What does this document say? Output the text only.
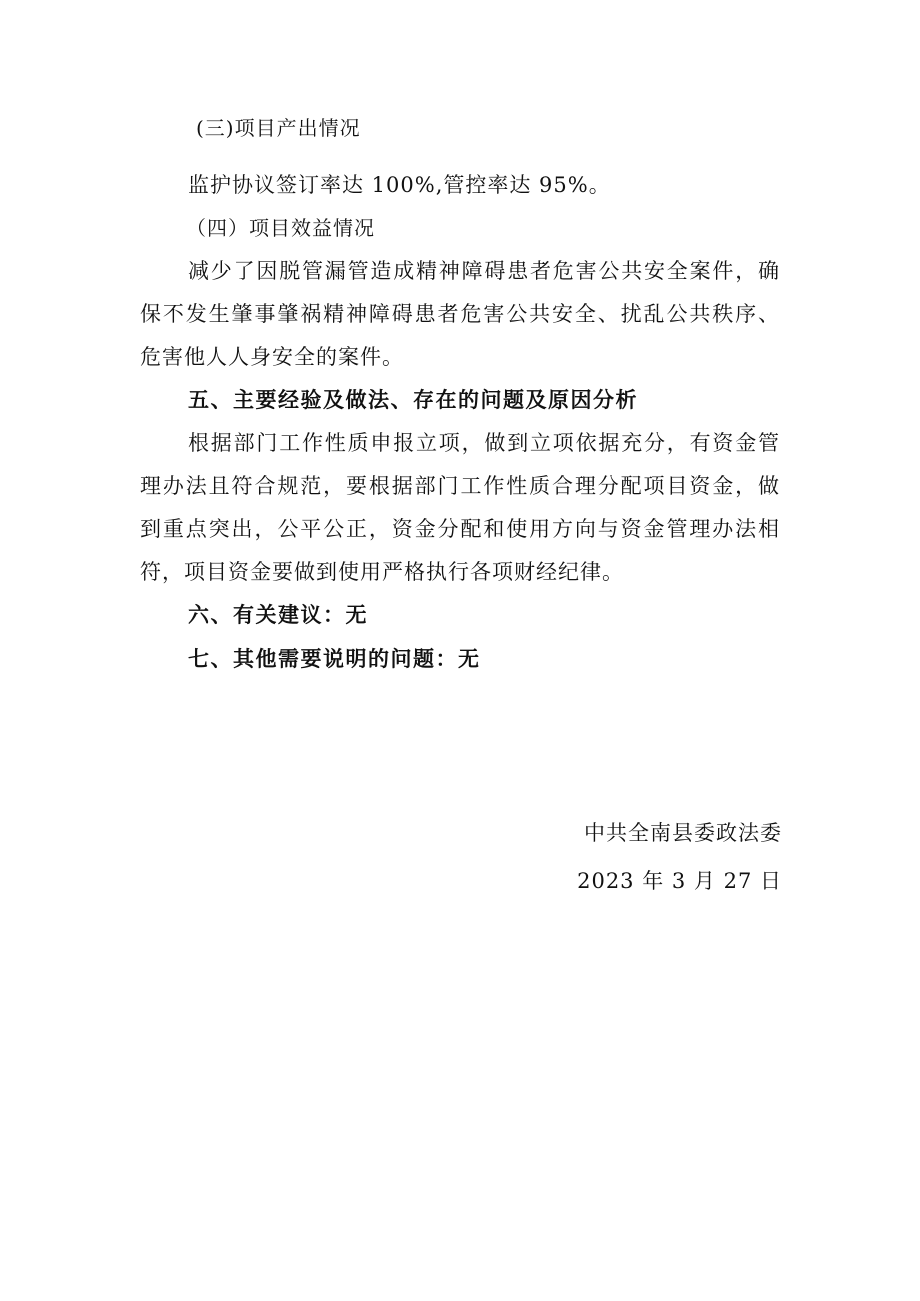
(三)项目产出情况
监护协议签订率达 100%,管控率达 95%。
（四）项目效益情况
减少了因脱管漏管造成精神障碍患者危害公共安全案件，确
保不发生肇事肇祸精神障碍患者危害公共安全、扰乱公共秩序、
危害他人人身安全的案件。
五、主要经验及做法、存在的问题及原因分析
根据部门工作性质申报立项，做到立项依据充分，有资金管
理办法且符合规范，要根据部门工作性质合理分配项目资金，做
到重点突出，公平公正，资金分配和使用方向与资金管理办法相
符，项目资金要做到使用严格执行各项财经纪律。
六、有关建议：无
七、其他需要说明的问题：无
中共全南县委政法委
2023 年 3 月 27 日
